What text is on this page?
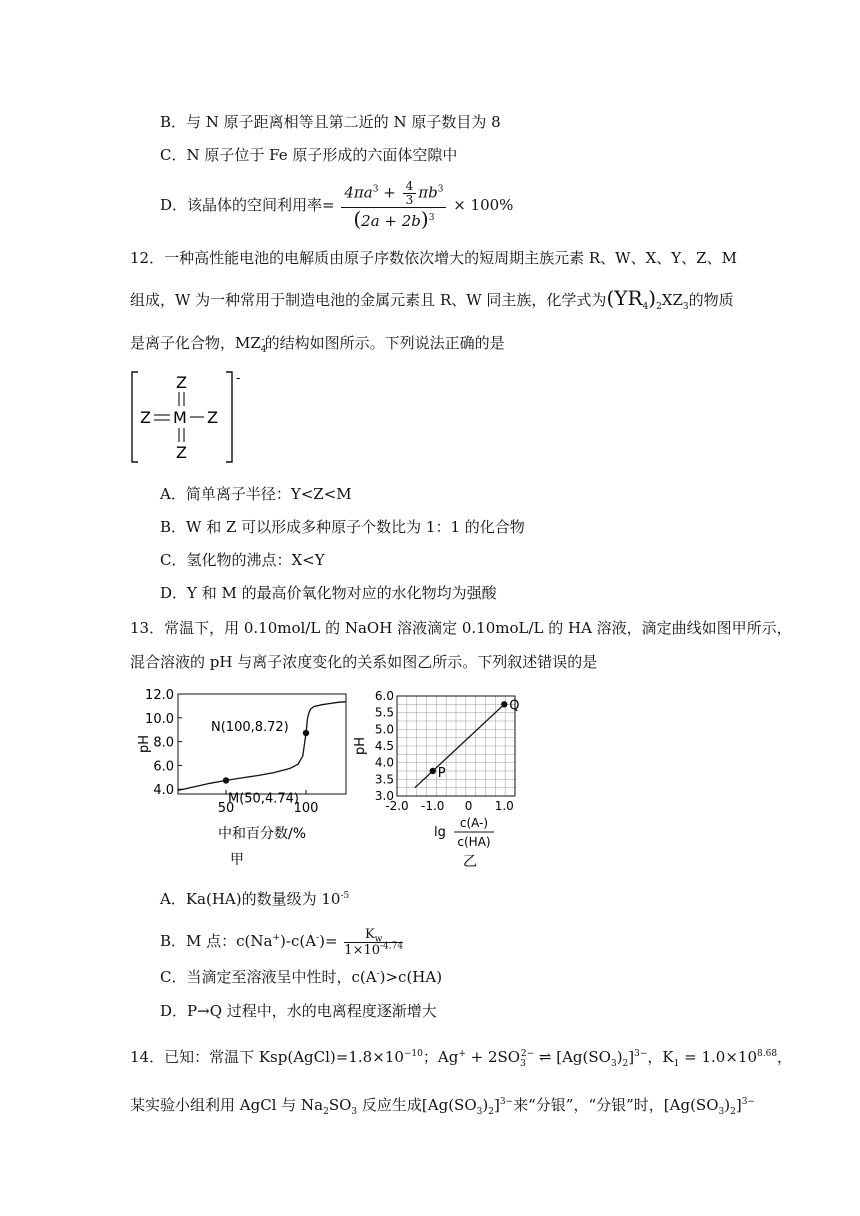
B．与 N 原子距离相等且第二近的 N 原子数目为 8
C．N 原子位于 Fe 原子形成的六面体空隙中
D．该晶体的空间利用率= $\frac{4\pi a^3 + \frac{4}{3} \pi b^3}{(2a + 2b)^3} \times 100\%$
12．一种高性能电池的电解质由原子序数依次增大的短周期主族元素 R、W、X、Y、Z、M
组成，W 为一种常用于制造电池的金属元素且 R、W 同主族，化学式为$(YR_4)_2XZ_3$的物质
是离子化合物，$MZ_4^-$的结构如图所示。下列说法正确的是
-
Z
Z M Z
Z
A．简单离子半径：Y<Z<M
B．W 和 Z 可以形成多种原子个数比为 1：1 的化合物
C．氢化物的沸点：X<Y
D．Y 和 M 的最高价氧化物对应的水化物均为强酸
13．常温下，用 0.10mol/L 的 NaOH 溶液滴定 0.10moL/L 的 HA 溶液，滴定曲线如图甲所示，
混合溶液的 pH 与离子浓度变化的关系如图乙所示。下列叙述错误的是
4.0
6.0
8.0
10.0
12.0
50	100
pH
中和百分数/%
甲
M(50,4.74)
N(100,8.72)
3.0
3.5
4.0
4.5
5.0
5.5
6.0
-2.0 -1.0 0 1.0
pH
lg
c(A-)
c(HA)
乙
P
Q
A．Ka(HA)的数量级为 $10^{-5}$
B．M 点：$c(Na^+)-c(A^-)= \frac{K_w}{1\times 10^{-4.74}}$
C．当滴定至溶液呈中性时，c(A-)>c(HA)
D．P→Q 过程中，水的电离程度逐渐增大
14．已知：常温下 $Ksp(AgCl)=1.8\times 10^{-10}$；$Ag^+ + 2SO_3^{2-}$ ⇌ $[Ag(SO_3)_2]^{3-}$，$K_1 = 1.0\times 10^{8.68}$，
某实验小组利用 AgCl 与 $Na_2SO_3$ 反应生成$[Ag(SO_3)_2]^{3-}$来“分银”，“分银”时，$[Ag(SO_3)_2]^{3-}$
